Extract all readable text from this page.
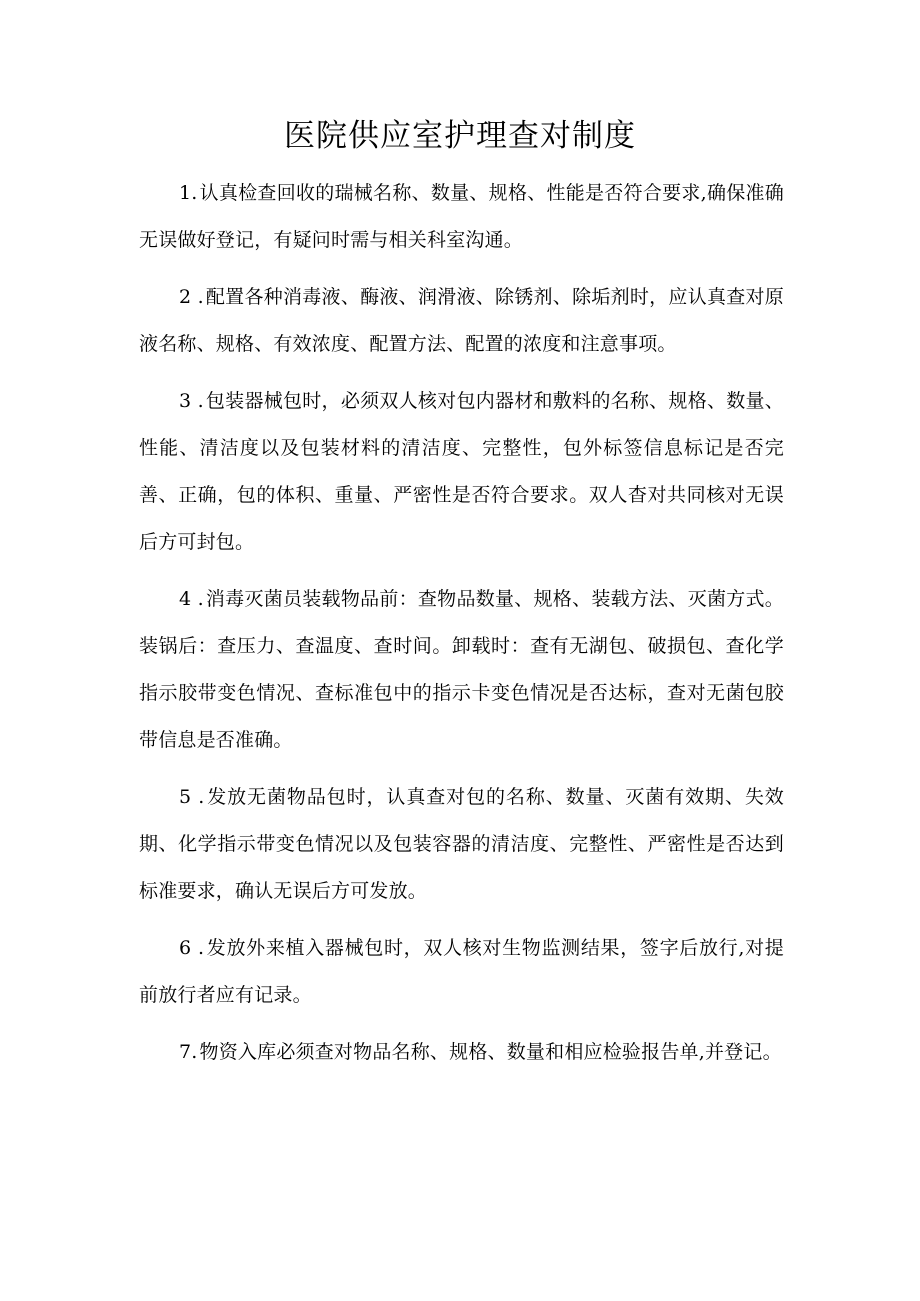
医院供应室护理查对制度

1. 认真检查回收的瑞械名称、数量、规格、性能是否符合要求,确保准确无误做好登记，有疑问时需与相关科室沟通。

2 . 配置各种消毒液、酶液、润滑液、除锈剂、除垢剂时，应认真查对原液名称、规格、有效浓度、配置方法、配置的浓度和注意事项。

3 . 包装器械包时，必须双人核对包内器材和敷料的名称、规格、数量、性能、清洁度以及包装材料的清洁度、完整性，包外标签信息标记是否完善、正确，包的体积、重量、严密性是否符合要求。双人杳对共同核对无误后方可封包。

4 . 消毒灭菌员装载物品前：查物品数量、规格、装载方法、灭菌方式。装锅后：查压力、查温度、查时间。卸载时：查有无湖包、破损包、查化学指示胶带变色情况、查标准包中的指示卡变色情况是否达标，查对无菌包胶带信息是否准确。

5 . 发放无菌物品包时，认真查对包的名称、数量、灭菌有效期、失效期、化学指示带变色情况以及包装容器的清洁度、完整性、严密性是否达到标准要求，确认无误后方可发放。

6 . 发放外来植入器械包时，双人核对生物监测结果，签字后放行,对提前放行者应有记录。

7. 物资入库必须查对物品名称、规格、数量和相应检验报告单,并登记。
